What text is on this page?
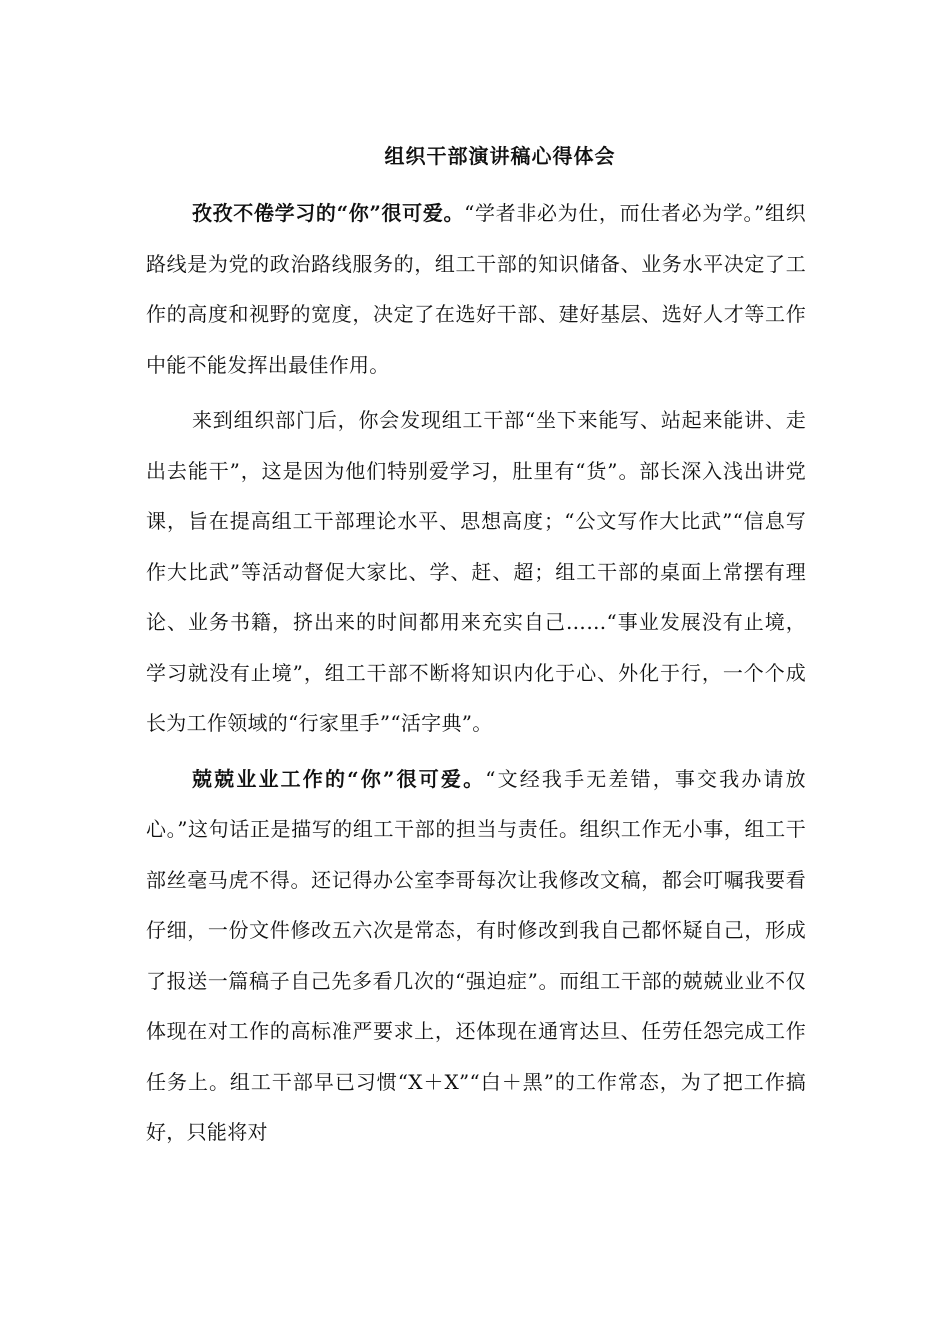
组织干部演讲稿心得体会

孜孜不倦学习的“你”很可爱。“学者非必为仕，而仕者必为学。”组织路线是为党的政治路线服务的，组工干部的知识储备、业务水平决定了工作的高度和视野的宽度，决定了在选好干部、建好基层、选好人才等工作中能不能发挥出最佳作用。

来到组织部门后，你会发现组工干部“坐下来能写、站起来能讲、走出去能干”，这是因为他们特别爱学习，肚里有“货”。部长深入浅出讲党课，旨在提高组工干部理论水平、思想高度；“公文写作大比武”“信息写作大比武”等活动督促大家比、学、赶、超；组工干部的桌面上常摆有理论、业务书籍，挤出来的时间都用来充实自己……“事业发展没有止境，学习就没有止境”，组工干部不断将知识内化于心、外化于行，一个个成长为工作领域的“行家里手”“活字典”。

兢兢业业工作的“你”很可爱。“文经我手无差错，事交我办请放心。”这句话正是描写的组工干部的担当与责任。组织工作无小事，组工干部丝毫马虎不得。还记得办公室李哥每次让我修改文稿，都会叮嘱我要看仔细，一份文件修改五六次是常态，有时修改到我自己都怀疑自己，形成了报送一篇稿子自己先多看几次的“强迫症”。而组工干部的兢兢业业不仅体现在对工作的高标准严要求上，还体现在通宵达旦、任劳任怨完成工作任务上。组工干部早已习惯“X＋X”“白＋黑”的工作常态，为了把工作搞好，只能将对
